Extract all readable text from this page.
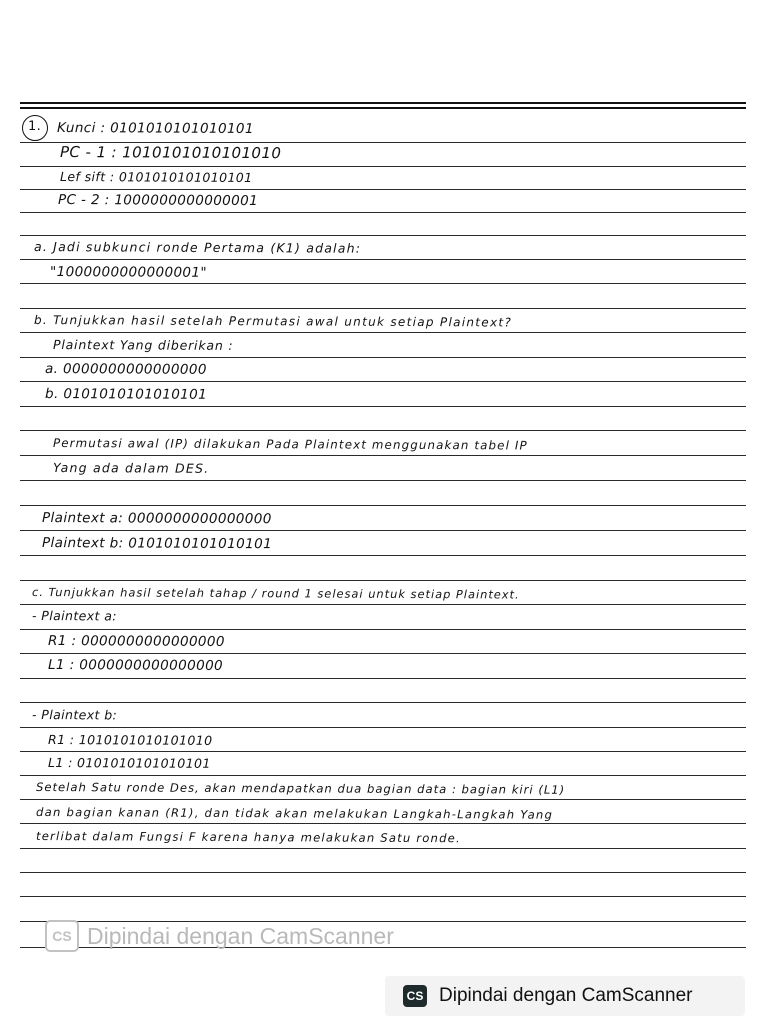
1. Kunci : 0101010101010101
PC - 1 : 1010101010101010
Lef sift : 0101010101010101
PC - 2 : 1000000000000001
a. Jadi subkunci ronde Pertama (K1) adalah:
"1000000000000001"
b. Tunjukkan hasil setelah Permutasi awal untuk setiap Plaintext?
Plaintext Yang diberikan :
a. 0000000000000000
b. 0101010101010101
Permutasi awal (IP) dilakukan Pada Plaintext menggunakan tabel IP
Yang ada dalam DES.
Plaintext a: 0000000000000000
Plaintext b: 0101010101010101
c. Tunjukkan hasil setelah tahap / round 1 selesai untuk setiap Plaintext.
- Plaintext a:
R1 : 0000000000000000
L1 : 0000000000000000
- Plaintext b:
R1 : 1010101010101010
L1 : 0101010101010101
Setelah Satu ronde Des, akan mendapatkan dua bagian data : bagian kiri (L1)
dan bagian kanan (R1), dan tidak akan melakukan Langkah-Langkah Yang
terlibat dalam Fungsi F karena hanya melakukan Satu ronde.
CS Dipindai dengan CamScanner
CS Dipindai dengan CamScanner
